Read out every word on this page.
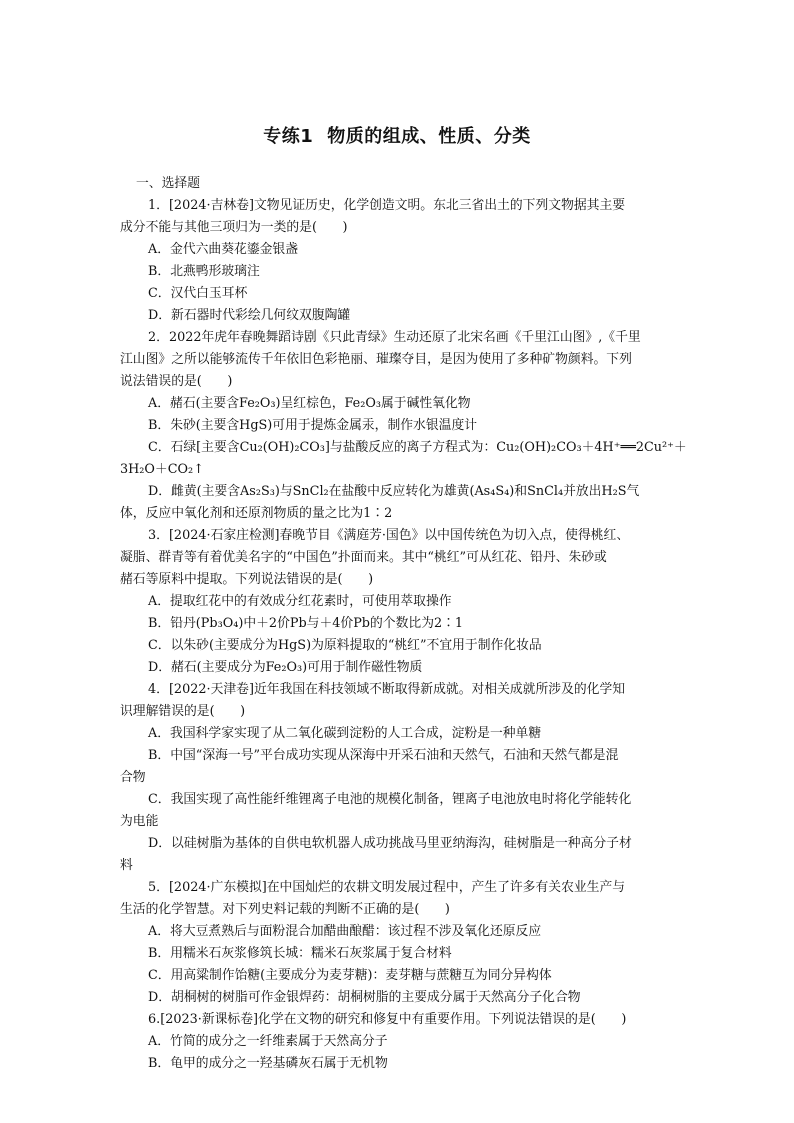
专练1 物质的组成、性质、分类
一、选择题
1．[2024·吉林卷]文物见证历史，化学创造文明。东北三省出土的下列文物据其主要
成分不能与其他三项归为一类的是(　　)
A．金代六曲葵花鎏金银盏
B．北燕鸭形玻璃注
C．汉代白玉耳杯
D．新石器时代彩绘几何纹双腹陶罐
2．2022年虎年春晚舞蹈诗剧《只此青绿》生动还原了北宋名画《千里江山图》,《千里
江山图》之所以能够流传千年依旧色彩艳丽、璀璨夺目，是因为使用了多种矿物颜料。下列
说法错误的是(　　)
A．赭石(主要含Fe₂O₃)呈红棕色，Fe₂O₃属于碱性氧化物
B．朱砂(主要含HgS)可用于提炼金属汞，制作水银温度计
C．石绿[主要含Cu₂(OH)₂CO₃]与盐酸反应的离子方程式为：Cu₂(OH)₂CO₃＋4H⁺══2Cu²⁺＋
3H₂O＋CO₂↑
D．雌黄(主要含As₂S₃)与SnCl₂在盐酸中反应转化为雄黄(As₄S₄)和SnCl₄并放出H₂S气
体，反应中氧化剂和还原剂物质的量之比为1∶2
3．[2024·石家庄检测]春晚节目《满庭芳·国色》以中国传统色为切入点，使得桃红、
凝脂、群青等有着优美名字的“中国色”扑面而来。其中“桃红”可从红花、铅丹、朱砂或
赭石等原料中提取。下列说法错误的是(　　)
A．提取红花中的有效成分红花素时，可使用萃取操作
B．铅丹(Pb₃O₄)中＋2价Pb与＋4价Pb的个数比为2∶1
C．以朱砂(主要成分为HgS)为原料提取的“桃红”不宜用于制作化妆品
D．赭石(主要成分为Fe₂O₃)可用于制作磁性物质
4．[2022·天津卷]近年我国在科技领域不断取得新成就。对相关成就所涉及的化学知
识理解错误的是(　　)
A．我国科学家实现了从二氧化碳到淀粉的人工合成，淀粉是一种单糖
B．中国“深海一号”平台成功实现从深海中开采石油和天然气，石油和天然气都是混
合物
C．我国实现了高性能纤维锂离子电池的规模化制备，锂离子电池放电时将化学能转化
为电能
D．以硅树脂为基体的自供电软机器人成功挑战马里亚纳海沟，硅树脂是一种高分子材
料
5．[2024·广东模拟]在中国灿烂的农耕文明发展过程中，产生了许多有关农业生产与
生活的化学智慧。对下列史料记载的判断不正确的是(　　)
A．将大豆煮熟后与面粉混合加醋曲酿醋：该过程不涉及氧化还原反应
B．用糯米石灰浆修筑长城：糯米石灰浆属于复合材料
C．用高粱制作饴糖(主要成分为麦芽糖)：麦芽糖与蔗糖互为同分异构体
D．胡桐树的树脂可作金银焊药：胡桐树脂的主要成分属于天然高分子化合物
6.[2023·新课标卷]化学在文物的研究和修复中有重要作用。下列说法错误的是(　　)
A．竹简的成分之一纤维素属于天然高分子
B．龟甲的成分之一羟基磷灰石属于无机物
